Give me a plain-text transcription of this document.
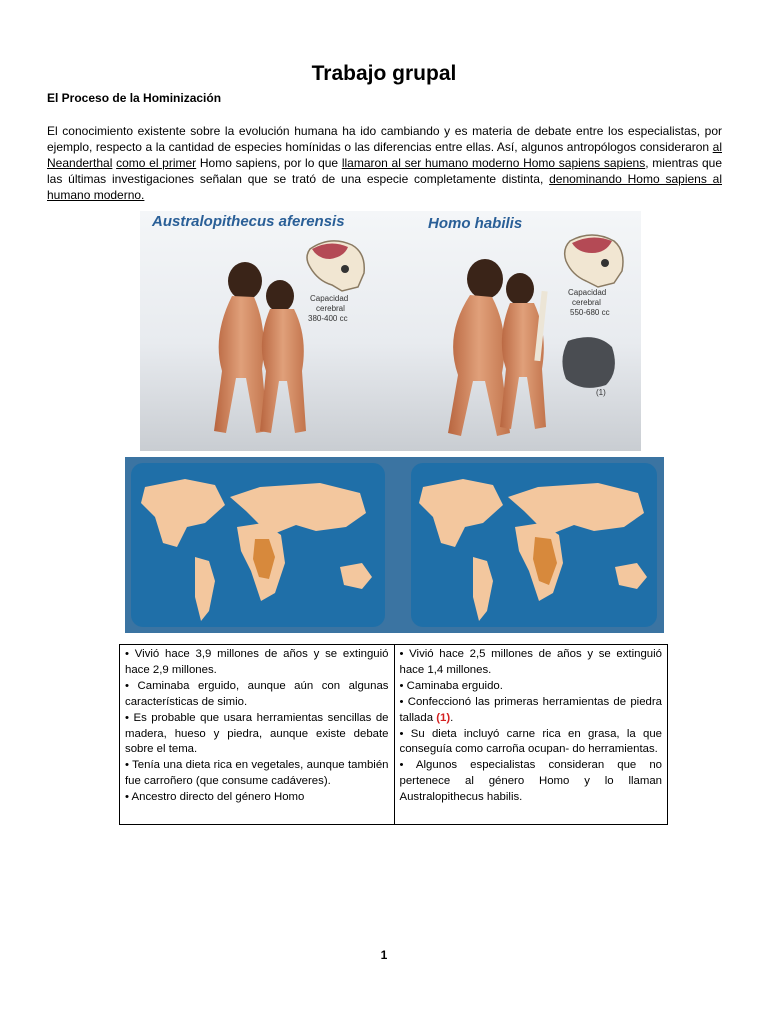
Trabajo grupal
El Proceso de la Hominización
El conocimiento existente sobre la evolución humana ha ido cambiando y es materia de debate entre los especialistas, por ejemplo, respecto a la cantidad de especies homínidas o las diferencias entre ellas. Así, algunos antropólogos consideraron al Neanderthal como el primer Homo sapiens, por lo que llamaron al ser humano moderno Homo sapiens sapiens, mientras que las últimas investigaciones señalan que se trató de una especie completamente distinta, denominando Homo sapiens al humano moderno.
Capacidad
cerebral
380-400 cc
Capacidad
cerebral
550-680 cc
(1)
Australopithecus aferensis	Homo habilis

• Vivió hace 3,9 millones de años y se extinguió hace 2,9 millones.

• Caminaba erguido, aunque aún con algunas características de simio.

• Es probable que usara herramientas sencillas de madera, hueso y piedra, aunque existe debate sobre el tema.

• Tenía una dieta rica en vegetales, aunque también fue carroñero (que consume cadáveres).

• Ancestro directo del género Homo

• Vivió hace 2,5 millones de años y se extinguió hace 1,4 millones.

• Caminaba erguido.

• Confeccionó las primeras herramientas de piedra tallada (1).

• Su dieta incluyó carne rica en grasa, la que conseguía como carroña ocupan- do herramientas.

• Algunos especialistas consideran que no pertenece al género Homo y lo llaman Australopithecus habilis.

1
